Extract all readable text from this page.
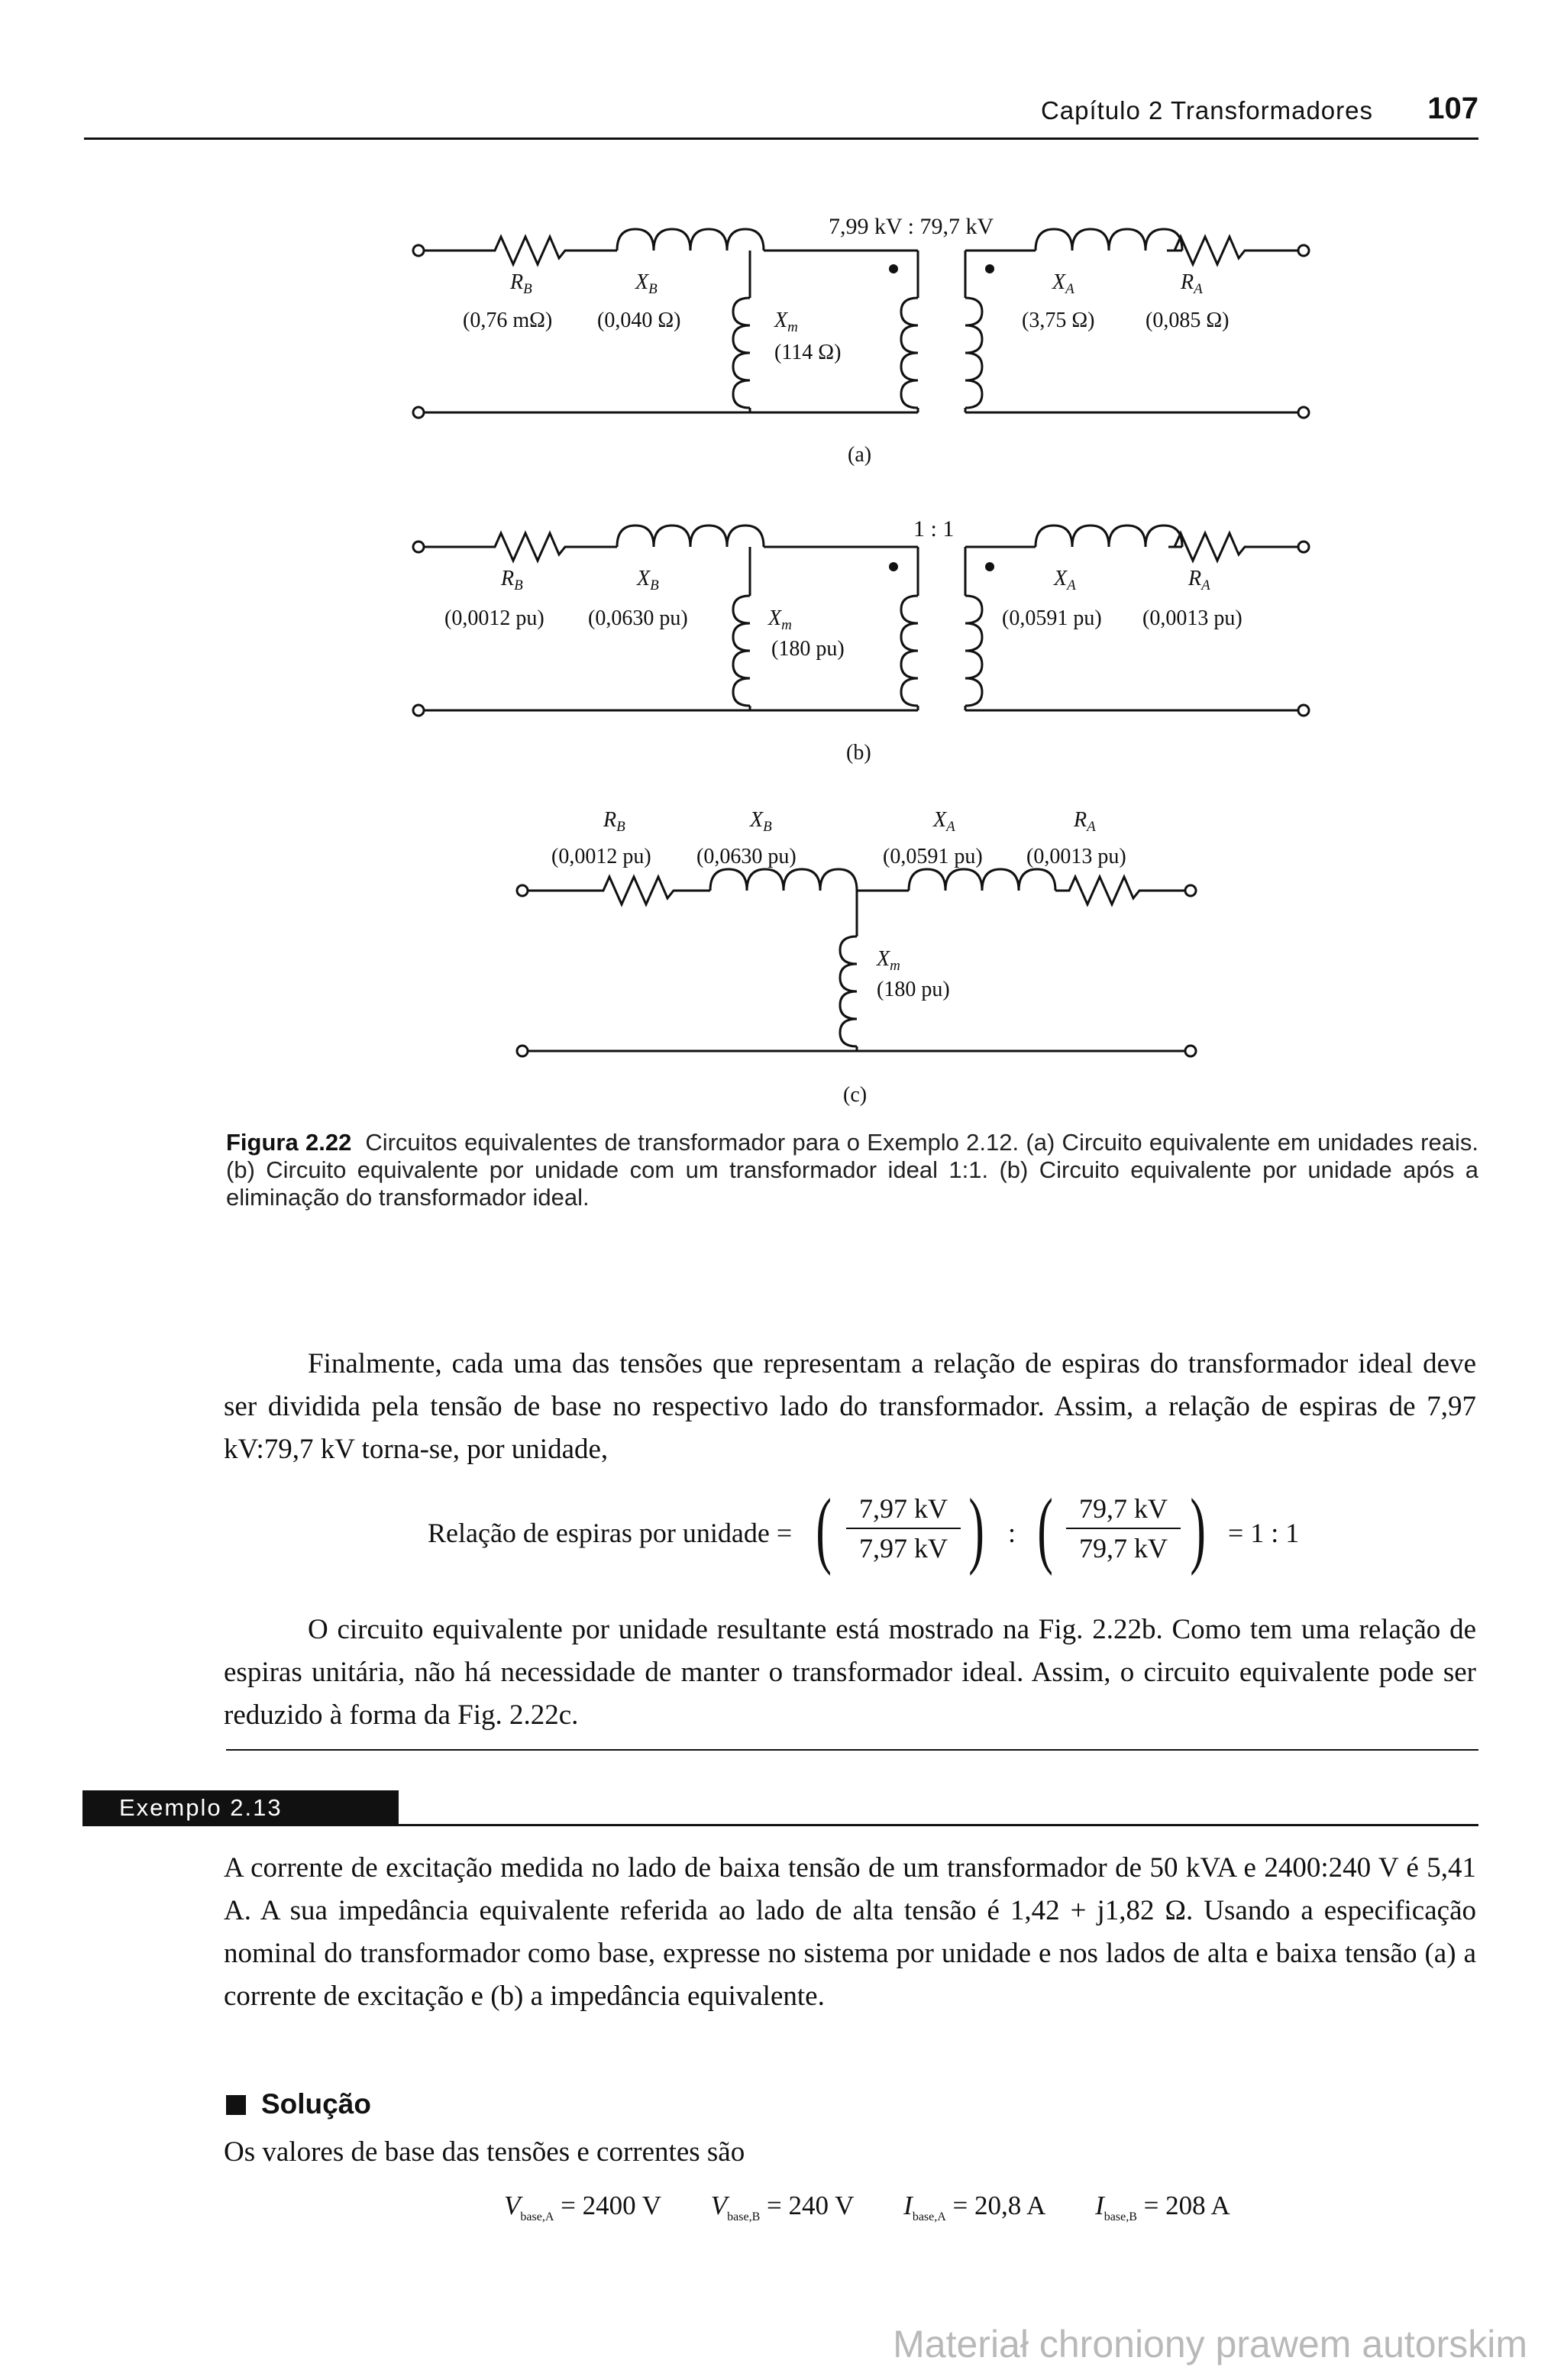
Capítulo 2 Transformadores 107
7,99 kV : 79,7 kV
$R_B$
(0,76 mΩ)
$X_B$
(0,040 Ω)	$X_m$
(114 Ω)
$X_A$
(3,75 Ω)
$R_A$
(0,085 Ω)
(a)
1 : 1
$R_B$
(0,0012 pu)
$X_B$
(0,0630 pu)	$X_m$
(180 pu)
$X_A$
(0,0591 pu)
$R_A$
(0,0013 pu)
(b)
$R_B$
(0,0012 pu)
$X_B$
(0,0630 pu)
$X_A$
(0,0591 pu)
$R_A$
(0,0013 pu)
$X_m$
(180 pu)
(c)
Figura 2.22 Circuitos equivalentes de transformador para o Exemplo 2.12. (a) Circuito equivalente em unidades reais. (b) Circuito equivalente por unidade com um transformador ideal 1:1. (b) Circuito equivalente por unidade após a eliminação do transformador ideal.
Finalmente, cada uma das tensões que representam a relação de espiras do transformador ideal deve ser dividida pela tensão de base no respectivo lado do transformador. Assim, a relação de espiras de 7,97 kV:79,7 kV torna-se, por unidade,
Relação de espiras por unidade = ( $\frac{7,97 kV}{7,97 kV}$ ) : ( $\frac{79,7 kV}{79,7 kV}$ ) = 1 : 1
O circuito equivalente por unidade resultante está mostrado na Fig. 2.22b. Como tem uma relação de espiras unitária, não há necessidade de manter o transformador ideal. Assim, o circuito equivalente pode ser reduzido à forma da Fig. 2.22c.
Exemplo 2.13
A corrente de excitação medida no lado de baixa tensão de um transformador de 50 kVA e 2400:240 V é 5,41 A. A sua impedância equivalente referida ao lado de alta tensão é 1,42 + j1,82 Ω. Usando a especificação nominal do transformador como base, expresse no sistema por unidade e nos lados de alta e baixa tensão (a) a corrente de excitação e (b) a impedância equivalente.
Solução
Os valores de base das tensões e correntes são
$V_{base,A} = 2400$ V $V_{base,B} = 240$ V $I_{base,A} = 20,8$ A $I_{base,B} = 208$ A
Materiał chroniony prawem autorskim
